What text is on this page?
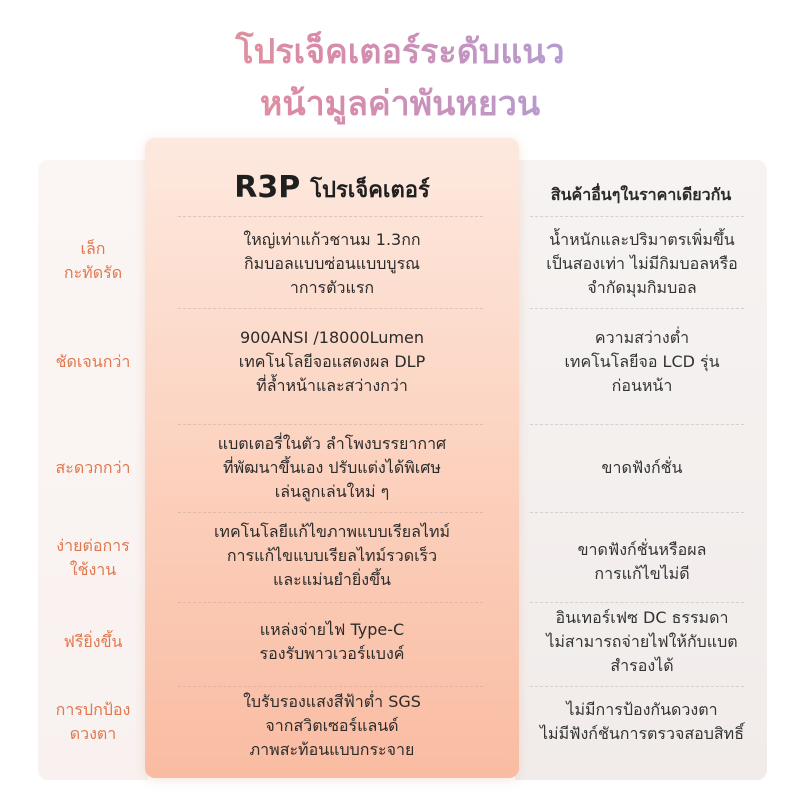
โปรเจ็คเตอร์ระดับแนว
หน้ามูลค่าพันหยวน
R3P โปรเจ็คเตอร์	สินค้าอื่นๆในราคาเดียวกัน
เล็ก
กะทัดรัด
ใหญ่เท่าแก้วชานม 1.3กก
กิมบอลแบบซ่อนแบบบูรณ
าการตัวแรก
น้ำหนักและปริมาตรเพิ่มขึ้น
เป็นสองเท่า ไม่มีกิมบอลหรือ
จำกัดมุมกิมบอล
ชัดเจนกว่า
900ANSI /18000Lumen
เทคโนโลยีจอแสดงผล DLP
ที่ล้ำหน้าและสว่างกว่า
ความสว่างต่ำ
เทคโนโลยีจอ LCD รุ่น
ก่อนหน้า
สะดวกกว่า
แบตเตอรี่ในตัว ลำโพงบรรยากาศ
ที่พัฒนาขึ้นเอง ปรับแต่งได้พิเศษ
เล่นลูกเล่นใหม่ ๆ
ขาดฟังก์ชั่น
ง่ายต่อการ
ใช้งาน
เทคโนโลยีแก้ไขภาพแบบเรียลไทม์
การแก้ไขแบบเรียลไทม์รวดเร็ว
และแม่นยำยิ่งขึ้น
ขาดฟังก์ชั่นหรือผล
การแก้ไขไม่ดี
ฟรียิ่งขึ้น
แหล่งจ่ายไฟ Type-C
รองรับพาวเวอร์แบงค์
อินเทอร์เฟซ DC ธรรมดา
ไม่สามารถจ่ายไฟให้กับแบต
สำรองได้
การปกป้อง
ดวงตา
ใบรับรองแสงสีฟ้าต่ำ SGS
จากสวิตเซอร์แลนด์
ภาพสะท้อนแบบกระจาย
ไม่มีการป้องกันดวงตา
ไม่มีฟังก์ชันการตรวจสอบสิทธิ์
